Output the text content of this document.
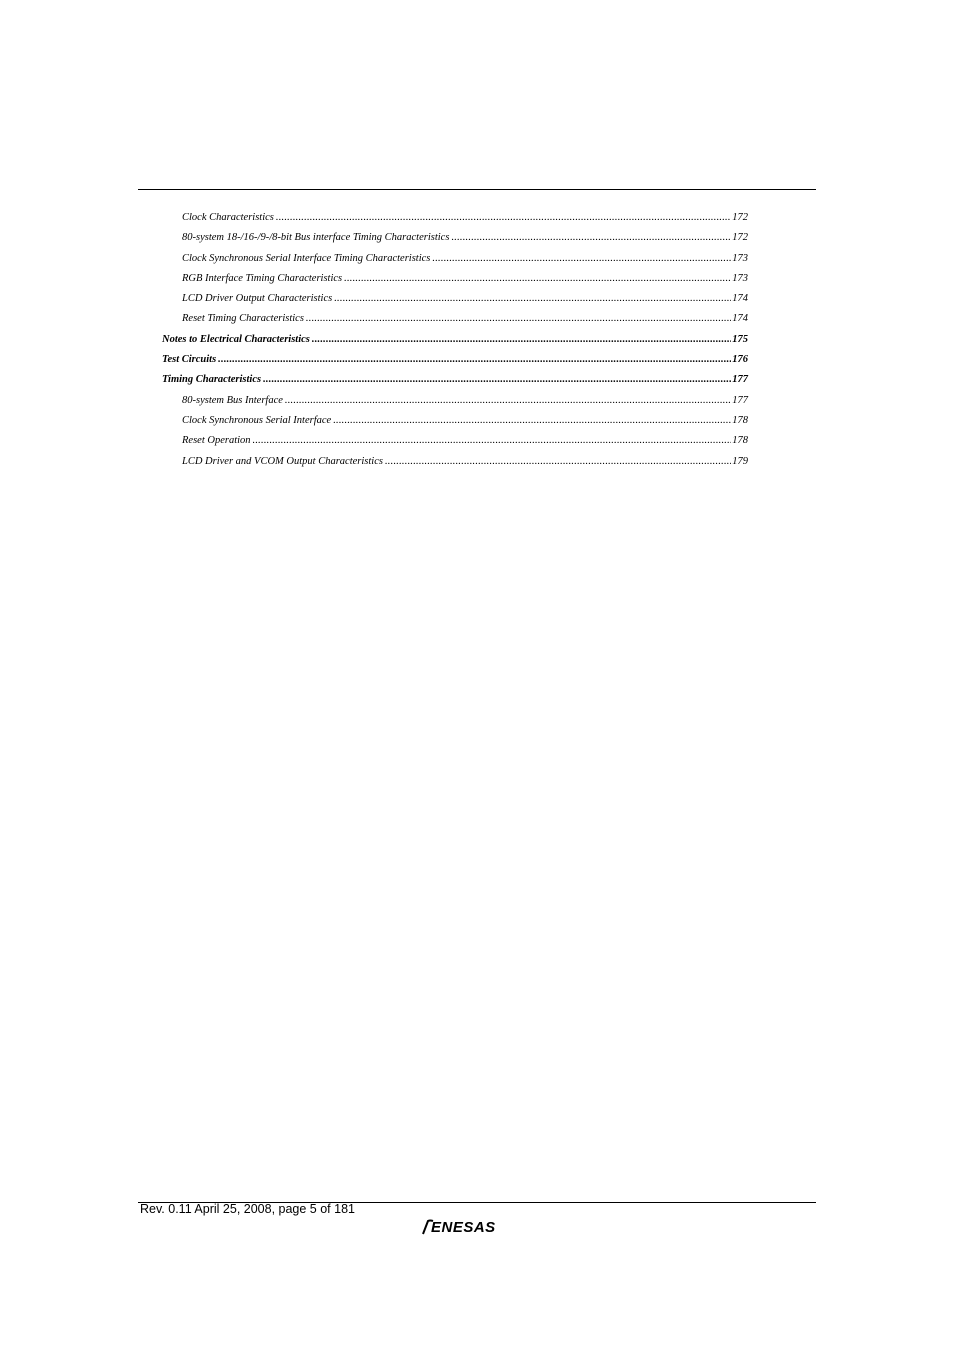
Clock Characteristics .....	172
80-system 18-/16-/9-/8-bit Bus interface Timing Characteristics .....	172
Clock Synchronous Serial Interface Timing Characteristics .....	173
RGB Interface Timing Characteristics .....	173
LCD Driver Output Characteristics .....	174
Reset Timing Characteristics .....	174
Notes to Electrical Characteristics .....	175
Test Circuits .....	176
Timing Characteristics .....	177
80-system Bus Interface .....	177
Clock Synchronous Serial Interface .....	178
Reset Operation .....	178
LCD Driver and VCOM Output Characteristics .....	179
Rev. 0.11 April 25, 2008, page 5 of 181
ENESAS
